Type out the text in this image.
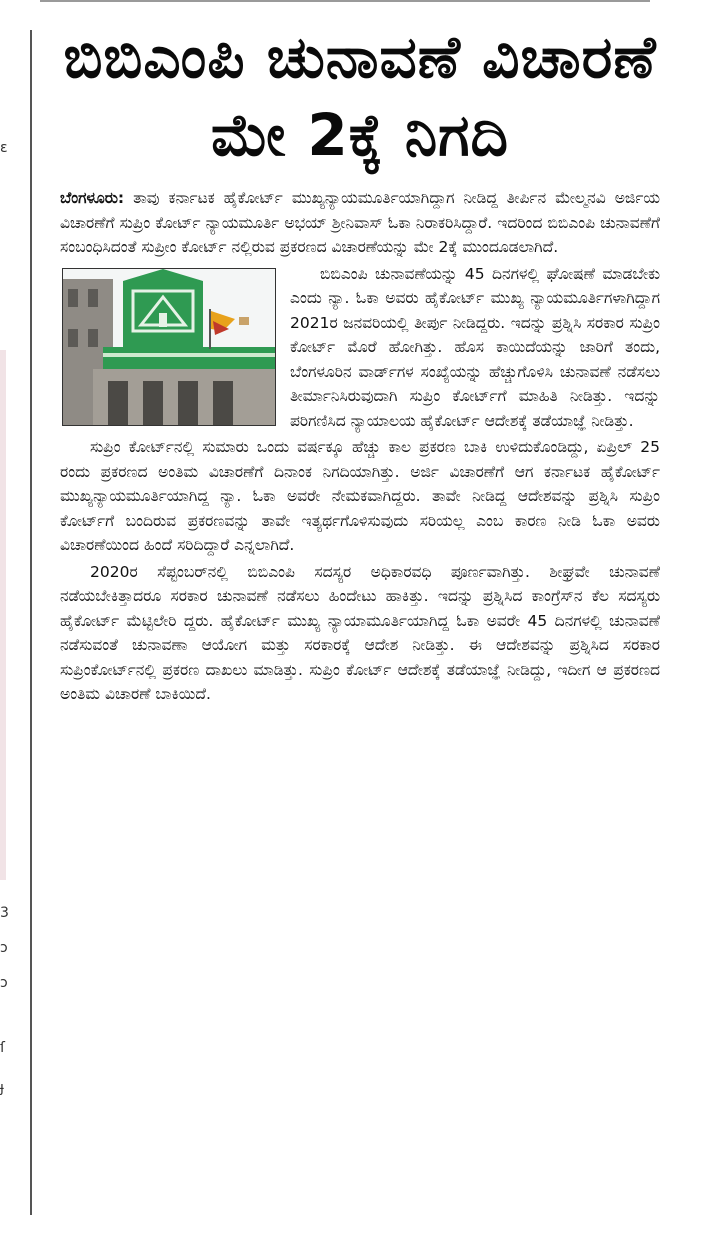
ε
3
ɔ
ɔ
ſ
ɟ
ಬಿಬಿಎಂಪಿ ಚುನಾವಣೆ ವಿಚಾರಣೆ ಮೇ 2ಕ್ಕೆ ನಿಗದಿ

ಬೆಂಗಳೂರು: ತಾವು ಕರ್ನಾಟಕ ಹೈಕೋರ್ಟ್ ಮುಖ್ಯನ್ಯಾಯಮೂರ್ತಿಯಾಗಿದ್ದಾಗ ನೀಡಿದ್ದ ತೀರ್ಪಿನ ಮೇಲ್ಮನವಿ ಅರ್ಜಿಯ ವಿಚಾರಣೆಗೆ ಸುಪ್ರಿಂ ಕೋರ್ಟ್ ನ್ಯಾಯಮೂರ್ತಿ ಅಭಯ್ ಶ್ರೀನಿವಾಸ್ ಓಕಾ ನಿರಾಕರಿಸಿದ್ದಾರೆ. ಇದರಿಂದ ಬಿಬಿಎಂಪಿ ಚುನಾವಣೆಗೆ ಸಂಬಂಧಿಸಿದಂತೆ ಸುಪ್ರೀಂ ಕೋರ್ಟ್ ನಲ್ಲಿರುವ ಪ್ರಕರಣದ ವಿಚಾರಣೆಯನ್ನು ಮೇ 2ಕ್ಕೆ ಮುಂದೂಡಲಾಗಿದೆ.

ಬಿಬಿಎಂಪಿ ಚುನಾವಣೆಯನ್ನು 45 ದಿನಗಳಲ್ಲಿ ಘೋಷಣೆ ಮಾಡಬೇಕು ಎಂದು ನ್ಯಾ. ಓಕಾ ಅವರು ಹೈಕೋರ್ಟ್ ಮುಖ್ಯ ನ್ಯಾಯಮೂರ್ತಿಗಳಾಗಿದ್ದಾಗ 2021ರ ಜನವರಿಯಲ್ಲಿ ತೀರ್ಪು ನೀಡಿದ್ದರು. ಇದನ್ನು ಪ್ರಶ್ನಿಸಿ ಸರಕಾರ ಸುಪ್ರಿಂ ಕೋರ್ಟ್ ಮೊರೆ ಹೋಗಿತ್ತು. ಹೊಸ ಕಾಯಿದೆಯನ್ನು ಜಾರಿಗೆ ತಂದು, ಬೆಂಗಳೂರಿನ ವಾರ್ಡ್‌ಗಳ ಸಂಖ್ಯೆಯನ್ನು ಹೆಚ್ಚುಗೊಳಿಸಿ ಚುನಾವಣೆ ನಡೆಸಲು ತೀರ್ಮಾನಿಸಿರುವುದಾಗಿ ಸುಪ್ರಿಂ ಕೋರ್ಟ್‌ಗೆ ಮಾಹಿತಿ ನೀಡಿತ್ತು. ಇದನ್ನು ಪರಿಗಣಿಸಿದ ನ್ಯಾಯಾಲಯ ಹೈಕೋರ್ಟ್ ಆದೇಶಕ್ಕೆ ತಡೆಯಾಜ್ಞೆ ನೀಡಿತ್ತು.

ಸುಪ್ರಿಂ ಕೋರ್ಟ್‌ನಲ್ಲಿ ಸುಮಾರು ಒಂದು ವರ್ಷಕ್ಕೂ ಹೆಚ್ಚು ಕಾಲ ಪ್ರಕರಣ ಬಾಕಿ ಉಳಿದುಕೊಂಡಿದ್ದು, ಏಪ್ರಿಲ್ 25 ರಂದು ಪ್ರಕರಣದ ಅಂತಿಮ ವಿಚಾರಣೆಗೆ ದಿನಾಂಕ ನಿಗದಿಯಾಗಿತ್ತು. ಅರ್ಜಿ ವಿಚಾರಣೆಗೆ ಆಗ ಕರ್ನಾಟಕ ಹೈಕೋರ್ಟ್ ಮುಖ್ಯನ್ಯಾಯಮೂರ್ತಿಯಾಗಿದ್ದ ನ್ಯಾ. ಓಕಾ ಅವರೇ ನೇಮಕವಾಗಿದ್ದರು. ತಾವೇ ನೀಡಿದ್ದ ಆದೇಶವನ್ನು ಪ್ರಶ್ನಿಸಿ ಸುಪ್ರಿಂ ಕೋರ್ಟ್‌ಗೆ ಬಂದಿರುವ ಪ್ರಕರಣವನ್ನು ತಾವೇ ಇತ್ಯರ್ಥಗೊಳಿಸುವುದು ಸರಿಯಲ್ಲ ಎಂಬ ಕಾರಣ ನೀಡಿ ಓಕಾ ಅವರು ವಿಚಾರಣೆಯಿಂದ ಹಿಂದೆ ಸರಿದಿದ್ದಾರೆ ಎನ್ನಲಾಗಿದೆ.

2020ರ ಸೆಪ್ಟಂಬರ್‌ನಲ್ಲಿ ಬಿಬಿಎಂಪಿ ಸದಸ್ಯರ ಅಧಿಕಾರವಧಿ ಪೂರ್ಣವಾಗಿತ್ತು. ಶೀಘ್ರವೇ ಚುನಾವಣೆ ನಡೆಯಬೇಕಿತ್ತಾದರೂ ಸರಕಾರ ಚುನಾವಣೆ ನಡೆಸಲು ಹಿಂದೇಟು ಹಾಕಿತ್ತು. ಇದನ್ನು ಪ್ರಶ್ನಿಸಿದ ಕಾಂಗ್ರೆಸ್‌ನ ಕೆಲ ಸದಸ್ಯರು ಹೈಕೋರ್ಟ್ ಮೆಟ್ಟಿಲೇರಿ ದ್ದರು. ಹೈಕೋರ್ಟ್ ಮುಖ್ಯ ನ್ಯಾಯಾಮೂರ್ತಿಯಾಗಿದ್ದ ಓಕಾ ಅವರೇ 45 ದಿನಗಳಲ್ಲಿ ಚುನಾವಣೆ ನಡೆಸುವಂತೆ ಚುನಾವಣಾ ಆಯೋಗ ಮತ್ತು ಸರಕಾರಕ್ಕೆ ಆದೇಶ ನೀಡಿತ್ತು. ಈ ಆದೇಶವನ್ನು ಪ್ರಶ್ನಿಸಿದ ಸರಕಾರ ಸುಪ್ರಿಂಕೋರ್ಟ್‌ನಲ್ಲಿ ಪ್ರಕರಣ ದಾಖಲು ಮಾಡಿತ್ತು. ಸುಪ್ರಿಂ ಕೋರ್ಟ್ ಆದೇಶಕ್ಕೆ ತಡೆಯಾಜ್ಞೆ ನೀಡಿದ್ದು, ಇದೀಗ ಆ ಪ್ರಕರಣದ ಅಂತಿಮ ವಿಚಾರಣೆ ಬಾಕಿಯಿದೆ.
